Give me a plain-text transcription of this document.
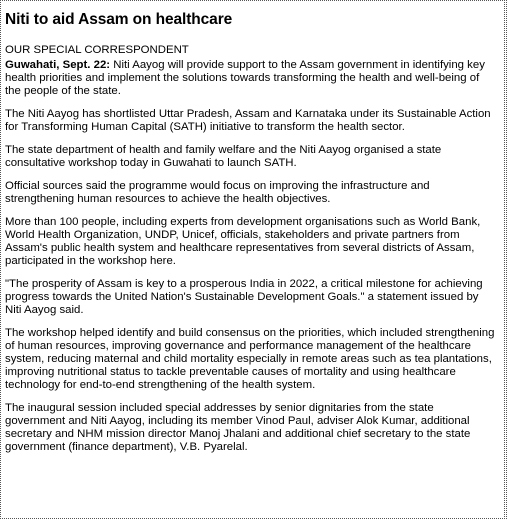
Niti to aid Assam on healthcare
OUR SPECIAL CORRESPONDENT
Guwahati, Sept. 22: Niti Aayog will provide support to the Assam government in identifying key health priorities and implement the solutions towards transforming the health and well-being of the people of the state.
The Niti Aayog has shortlisted Uttar Pradesh, Assam and Karnataka under its Sustainable Action for Transforming Human Capital (SATH) initiative to transform the health sector.
The state department of health and family welfare and the Niti Aayog organised a state consultative workshop today in Guwahati to launch SATH.
Official sources said the programme would focus on improving the infrastructure and strengthening human resources to achieve the health objectives.
More than 100 people, including experts from development organisations such as World Bank, World Health Organization, UNDP, Unicef, officials, stakeholders and private partners from Assam's public health system and healthcare representatives from several districts of Assam, participated in the workshop here.
"The prosperity of Assam is key to a prosperous India in 2022, a critical milestone for achieving progress towards the United Nation's Sustainable Development Goals." a statement issued by Niti Aayog said.
The workshop helped identify and build consensus on the priorities, which included strengthening of human resources, improving governance and performance management of the healthcare system, reducing maternal and child mortality especially in remote areas such as tea plantations, improving nutritional status to tackle preventable causes of mortality and using healthcare technology for end-to-end strengthening of the health system.
The inaugural session included special addresses by senior dignitaries from the state government and Niti Aayog, including its member Vinod Paul, adviser Alok Kumar, additional secretary and NHM mission director Manoj Jhalani and additional chief secretary to the state government (finance department), V.B. Pyarelal.
